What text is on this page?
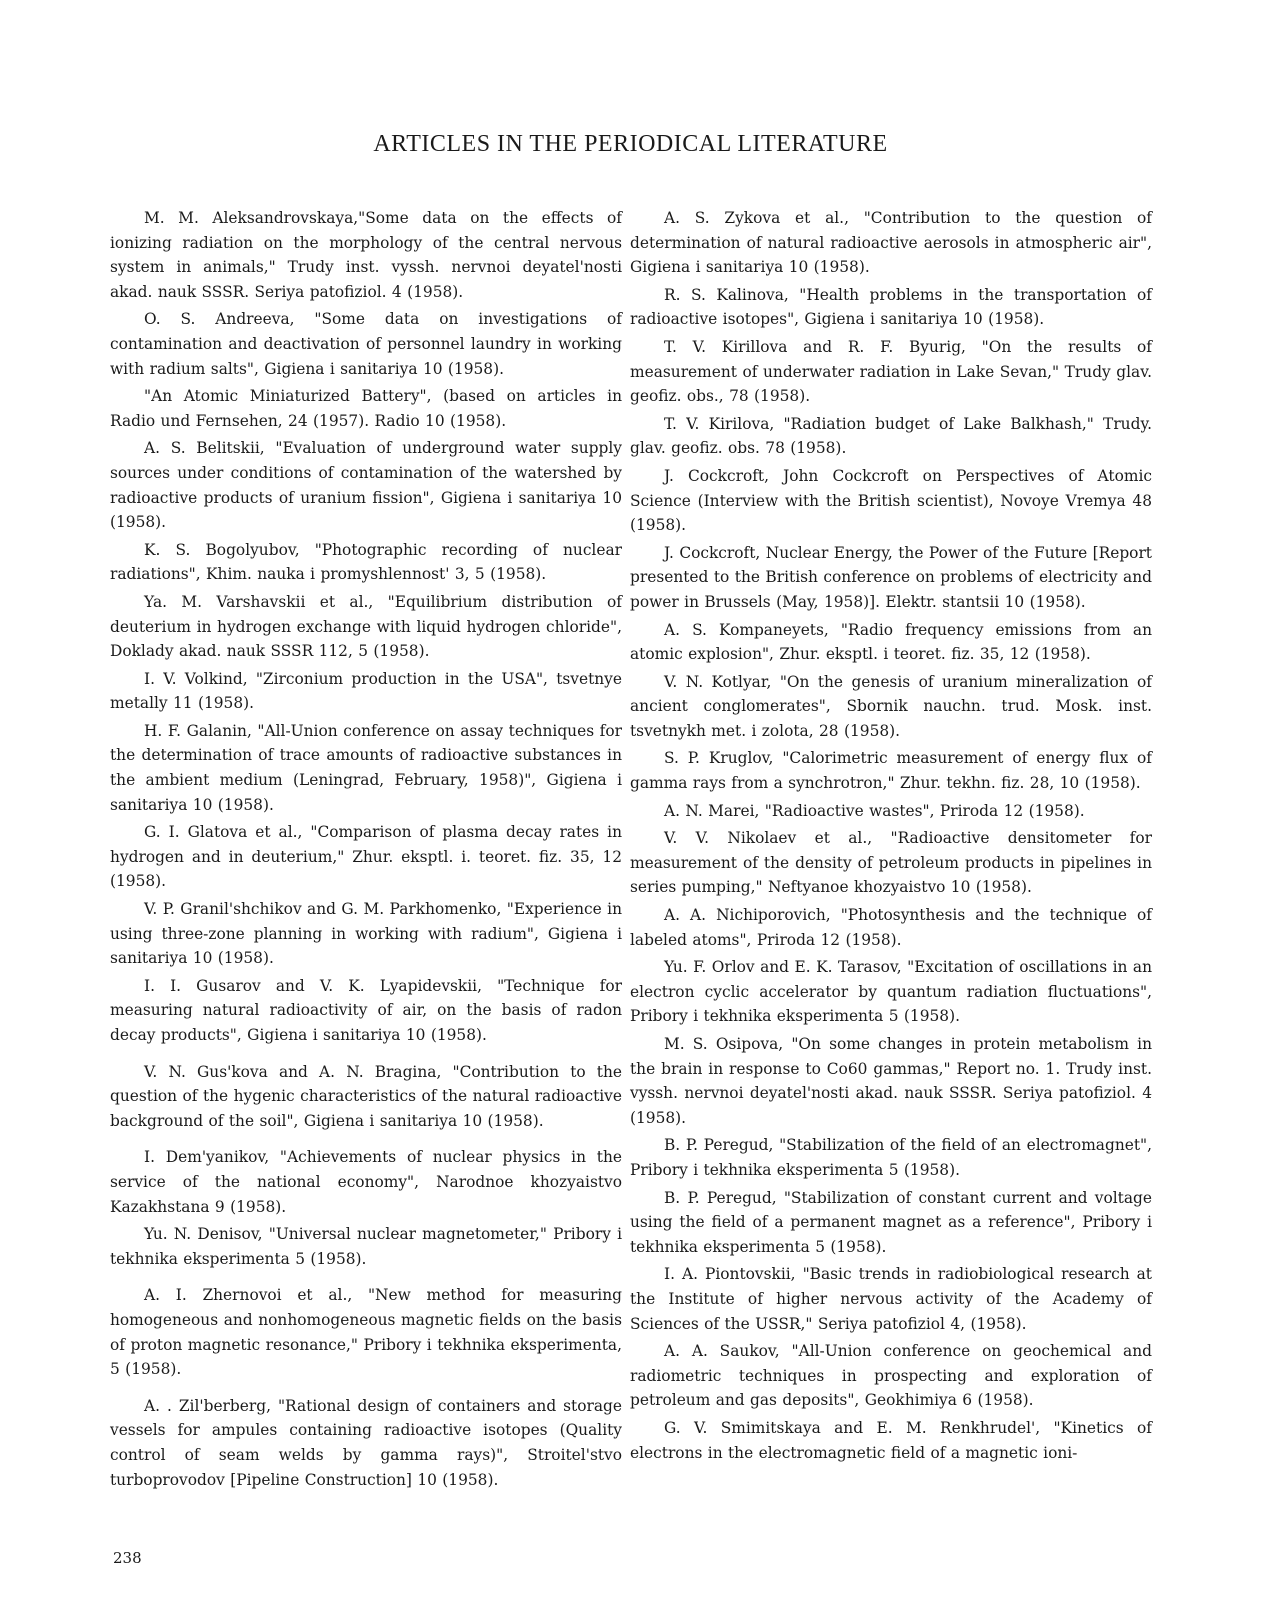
ARTICLES IN THE PERIODICAL LITERATURE

M. M. Aleksandrovskaya,"Some data on the effects of ionizing radiation on the morphology of the central nervous system in animals," Trudy inst. vyssh. nervnoi deyatel'nosti akad. nauk SSSR. Seriya patofiziol. 4 (1958).

O. S. Andreeva, "Some data on investigations of contamination and deactivation of personnel laundry in working with radium salts", Gigiena i sanitariya 10 (1958).

"An Atomic Miniaturized Battery", (based on articles in Radio und Fernsehen, 24 (1957). Radio 10 (1958).

A. S. Belitskii, "Evaluation of underground water supply sources under conditions of contamination of the watershed by radioactive products of uranium fission", Gigiena i sanitariya 10 (1958).

K. S. Bogolyubov, "Photographic recording of nuclear radiations", Khim. nauka i promyshlennost' 3, 5 (1958).

Ya. M. Varshavskii et al., "Equilibrium distribution of deuterium in hydrogen exchange with liquid hydrogen chloride", Doklady akad. nauk SSSR 112, 5 (1958).

I. V. Volkind, "Zirconium production in the USA", tsvetnye metally 11 (1958).

H. F. Galanin, "All-Union conference on assay techniques for the determination of trace amounts of radioactive substances in the ambient medium (Leningrad, February, 1958)", Gigiena i sanitariya 10 (1958).

G. I. Glatova et al., "Comparison of plasma decay rates in hydrogen and in deuterium," Zhur. eksptl. i. teoret. fiz. 35, 12 (1958).

V. P. Granil'shchikov and G. M. Parkhomenko, "Experience in using three-zone planning in working with radium", Gigiena i sanitariya 10 (1958).

I. I. Gusarov and V. K. Lyapidevskii, "Technique for measuring natural radioactivity of air, on the basis of radon decay products", Gigiena i sanitariya 10 (1958).

V. N. Gus'kova and A. N. Bragina, "Contribution to the question of the hygenic characteristics of the natural radioactive background of the soil", Gigiena i sanitariya 10 (1958).

I. Dem'yanikov, "Achievements of nuclear physics in the service of the national economy", Narodnoe khozyaistvo Kazakhstana 9 (1958).

Yu. N. Denisov, "Universal nuclear magnetometer," Pribory i tekhnika eksperimenta 5 (1958).

A. I. Zhernovoi et al., "New method for measuring homogeneous and nonhomogeneous magnetic fields on the basis of proton magnetic resonance," Pribory i tekhnika eksperimenta, 5 (1958).

A. . Zil'berberg, "Rational design of containers and storage vessels for ampules containing radioactive isotopes (Quality control of seam welds by gamma rays)", Stroitel'stvo turboprovodov [Pipeline Construction] 10 (1958).

A. S. Zykova et al., "Contribution to the question of determination of natural radioactive aerosols in atmospheric air", Gigiena i sanitariya 10 (1958).

R. S. Kalinova, "Health problems in the transportation of radioactive isotopes", Gigiena i sanitariya 10 (1958).

T. V. Kirillova and R. F. Byurig, "On the results of measurement of underwater radiation in Lake Sevan," Trudy glav. geofiz. obs., 78 (1958).

T. V. Kirilova, "Radiation budget of Lake Balkhash," Trudy. glav. geofiz. obs. 78 (1958).

J. Cockcroft, John Cockcroft on Perspectives of Atomic Science (Interview with the British scientist), Novoye Vremya 48 (1958).

J. Cockcroft, Nuclear Energy, the Power of the Future [Report presented to the British conference on problems of electricity and power in Brussels (May, 1958)]. Elektr. stantsii 10 (1958).

A. S. Kompaneyets, "Radio frequency emissions from an atomic explosion", Zhur. eksptl. i teoret. fiz. 35, 12 (1958).

V. N. Kotlyar, "On the genesis of uranium mineralization of ancient conglomerates", Sbornik nauchn. trud. Mosk. inst. tsvetnykh met. i zolota, 28 (1958).

S. P. Kruglov, "Calorimetric measurement of energy flux of gamma rays from a synchrotron," Zhur. tekhn. fiz. 28, 10 (1958).

A. N. Marei, "Radioactive wastes", Priroda 12 (1958).

V. V. Nikolaev et al., "Radioactive densitometer for measurement of the density of petroleum products in pipelines in series pumping," Neftyanoe khozyaistvo 10 (1958).

A. A. Nichiporovich, "Photosynthesis and the technique of labeled atoms", Priroda 12 (1958).

Yu. F. Orlov and E. K. Tarasov, "Excitation of oscillations in an electron cyclic accelerator by quantum radiation fluctuations", Pribory i tekhnika eksperimenta 5 (1958).

M. S. Osipova, "On some changes in protein metabolism in the brain in response to Co60 gammas," Report no. 1. Trudy inst. vyssh. nervnoi deyatel'nosti akad. nauk SSSR. Seriya patofiziol. 4 (1958).

B. P. Peregud, "Stabilization of the field of an electromagnet", Pribory i tekhnika eksperimenta 5 (1958).

B. P. Peregud, "Stabilization of constant current and voltage using the field of a permanent magnet as a reference", Pribory i tekhnika eksperimenta 5 (1958).

I. A. Piontovskii, "Basic trends in radiobiological research at the Institute of higher nervous activity of the Academy of Sciences of the USSR," Seriya patofiziol 4, (1958).

A. A. Saukov, "All-Union conference on geochemical and radiometric techniques in prospecting and exploration of petroleum and gas deposits", Geokhimiya 6 (1958).

G. V. Smimitskaya and E. M. Renkhrudel', "Kinetics of electrons in the electromagnetic field of a magnetic ioni-

238
